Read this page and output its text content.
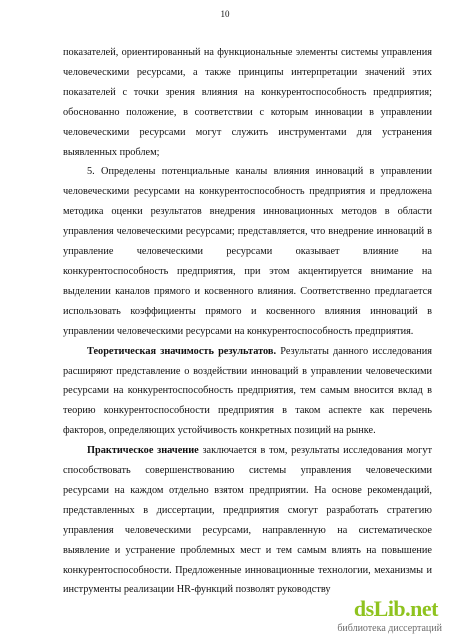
10

показателей, ориентированный на функциональные элементы системы управления человеческими ресурсами, а также принципы интерпретации значений этих показателей с точки зрения влияния на конкурентоспособность предприятия; обоснованно положение, в соответствии с которым инновации в управлении человеческими ресурсами могут служить инструментами для устранения выявленных проблем;

5. Определены потенциальные каналы влияния инноваций в управлении человеческими ресурсами на конкурентоспособность предприятия и предложена методика оценки результатов внедрения инновационных методов в области управления человеческими ресурсами; представляется, что внедрение инноваций в управление человеческими ресурсами оказывает влияние на конкурентоспособность предприятия, при этом акцентируется внимание на выделении каналов прямого и косвенного влияния. Соответственно предлагается использовать коэффициенты прямого и косвенного влияния инноваций в управлении человеческими ресурсами на конкурентоспособность предприятия.

Теоретическая значимость результатов. Результаты данного исследования расширяют представление о воздействии инноваций в управлении человеческими ресурсами на конкурентоспособность предприятия, тем самым вносится вклад в теорию конкурентоспособности предприятия в таком аспекте как перечень факторов, определяющих устойчивость конкретных позиций на рынке.

Практическое значение заключается в том, результаты исследования могут способствовать совершенствованию системы управления человеческими ресурсами на каждом отдельно взятом предприятии. На основе рекомендаций, представленных в диссертации, предприятия смогут разработать стратегию управления человеческими ресурсами, направленную на систематическое выявление и устранение проблемных мест и тем самым влиять на повышение конкурентоспособности. Предложенные инновационные технологии, механизмы и инструменты реализации HR-функций позволят руководству

dsLib.net
библиотека диссертаций
